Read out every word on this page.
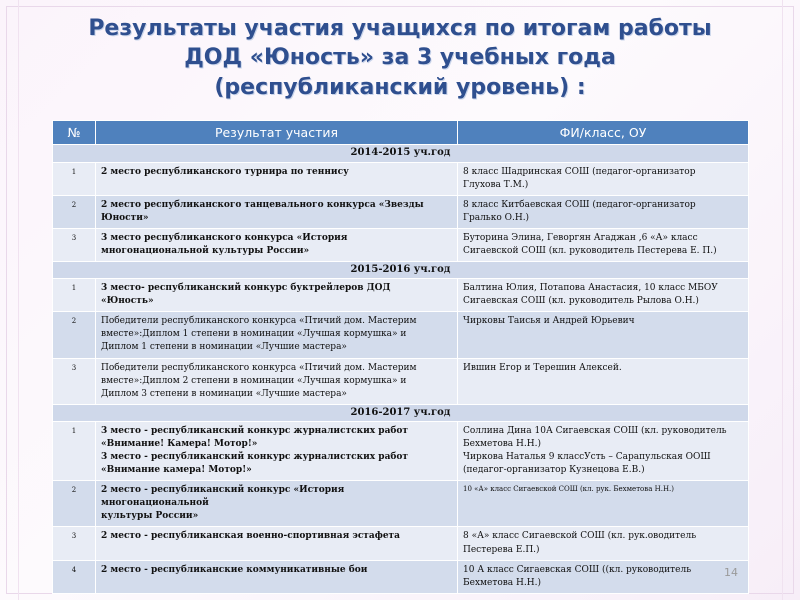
Результаты участия учащихся по итогам работы
ДОД «Юность» за 3 учебных года
(республиканский уровень) :
№	Результат участия	ФИ/класс, ОУ
2014-2015 уч.год		
1	2 место республиканского турнира по теннису	8 класс Шадринская СОШ (педагог-организатор
Глухова Т.М.)

2	2 место республиканского танцевального конкурса «Звезды
Юности»	8 класс Китбаевская СОШ (педагог-организатор
Гралько О.Н.)

3	3 место республиканского конкурса «История
многонациональной культуры России»	Буторина Элина, Геворгян Агаджан ,6 «А» класс
Сигаевской СОШ (кл. руководитель Пестерева Е. П.)

2015-2016 уч.год		
1	3 место- республиканский конкурс буктрейлеров ДОД
«Юность»	Балтина Юлия, Потапова Анастасия, 10 класс МБОУ
Сигаевская СОШ (кл. руководитель Рылова О.Н.)

2	Победители республиканского конкурса «Птичий дом. Мастерим
вместе»:Диплом 1 степени в номинации «Лучшая кормушка» и
Диплом 1 степени в номинации «Лучшие мастера»	Чирковы Таисья и Андрей Юрьевич

3	Победители республиканского конкурса «Птичий дом. Мастерим
вместе»:Диплом 2 степени в номинации «Лучшая кормушка» и
Диплом 3 степени в номинации «Лучшие мастера»	Ившин Егор и Терешин Алексей.

2016-2017 уч.год		
1	3 место - республиканский конкурс журналистских работ
«Внимание! Камера! Мотор!»
3 место - республиканский конкурс журналистских работ
«Внимание камера! Мотор!»	Соллина Дина 10А Сигаевская СОШ (кл. руководитель
Бехметова Н.Н.)
Чиркова Наталья 9 классУсть – Сарапульская ООШ
(педагог-организатор Кузнецова Е.В.)

2	2 место - республиканский конкурс «История многонациональной
культуры России»	10 «А» класс Сигаевской СОШ (кл. рук. Бехметова Н.Н.)

3	2 место - республиканская военно-спортивная эстафета	8 «А» класс Сигаевской СОШ (кл. рук.оводитель
Пестерева Е.П.)

4	2 место - республиканские коммуникативные бои	10 А класс Сигаевская СОШ ((кл. руководитель
Бехметова Н.Н.)
14
